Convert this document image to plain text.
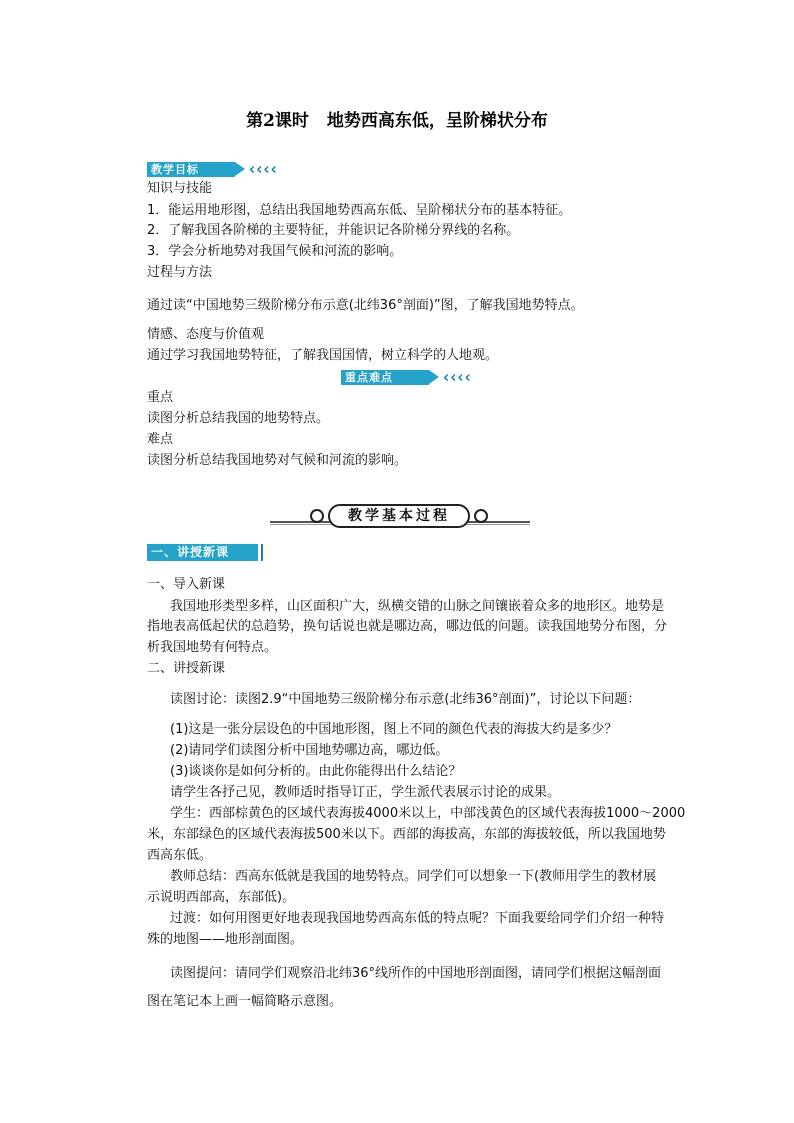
第2课时 地势西高东低，呈阶梯状分布
教学目标	‹ ‹ ‹ ‹
知识与技能
1．能运用地形图，总结出我国地势西高东低、呈阶梯状分布的基本特征。
2．了解我国各阶梯的主要特征，并能识记各阶梯分界线的名称。
3．学会分析地势对我国气候和河流的影响。
过程与方法
通过读“中国地势三级阶梯分布示意(北纬36°剖面)”图，了解我国地势特点。
情感、态度与价值观
通过学习我国地势特征，了解我国国情，树立科学的人地观。
重点难点	‹ ‹ ‹ ‹
重点
读图分析总结我国的地势特点。
难点
读图分析总结我国地势对气候和河流的影响。
教学基本过程
一、讲授新课
一、导入新课
我国地形类型多样，山区面积广大，纵横交错的山脉之间镶嵌着众多的地形区。地势是
指地表高低起伏的总趋势，换句话说也就是哪边高，哪边低的问题。读我国地势分布图，分
析我国地势有何特点。
二、讲授新课
读图讨论：读图2.9“中国地势三级阶梯分布示意(北纬36°剖面)”，讨论以下问题：
(1)这是一张分层设色的中国地形图，图上不同的颜色代表的海拔大约是多少？
(2)请同学们读图分析中国地势哪边高，哪边低。
(3)谈谈你是如何分析的。由此你能得出什么结论？
请学生各抒己见，教师适时指导订正，学生派代表展示讨论的成果。
学生：西部棕黄色的区域代表海拔4000米以上，中部浅黄色的区域代表海拔1000～2000
米，东部绿色的区域代表海拔500米以下。西部的海拔高，东部的海拔较低，所以我国地势
西高东低。
教师总结：西高东低就是我国的地势特点。同学们可以想象一下(教师用学生的教材展
示说明西部高，东部低)。
过渡：如何用图更好地表现我国地势西高东低的特点呢？下面我要给同学们介绍一种特
殊的地图——地形剖面图。
读图提问：请同学们观察沿北纬36°线所作的中国地形剖面图，请同学们根据这幅剖面
图在笔记本上画一幅简略示意图。
